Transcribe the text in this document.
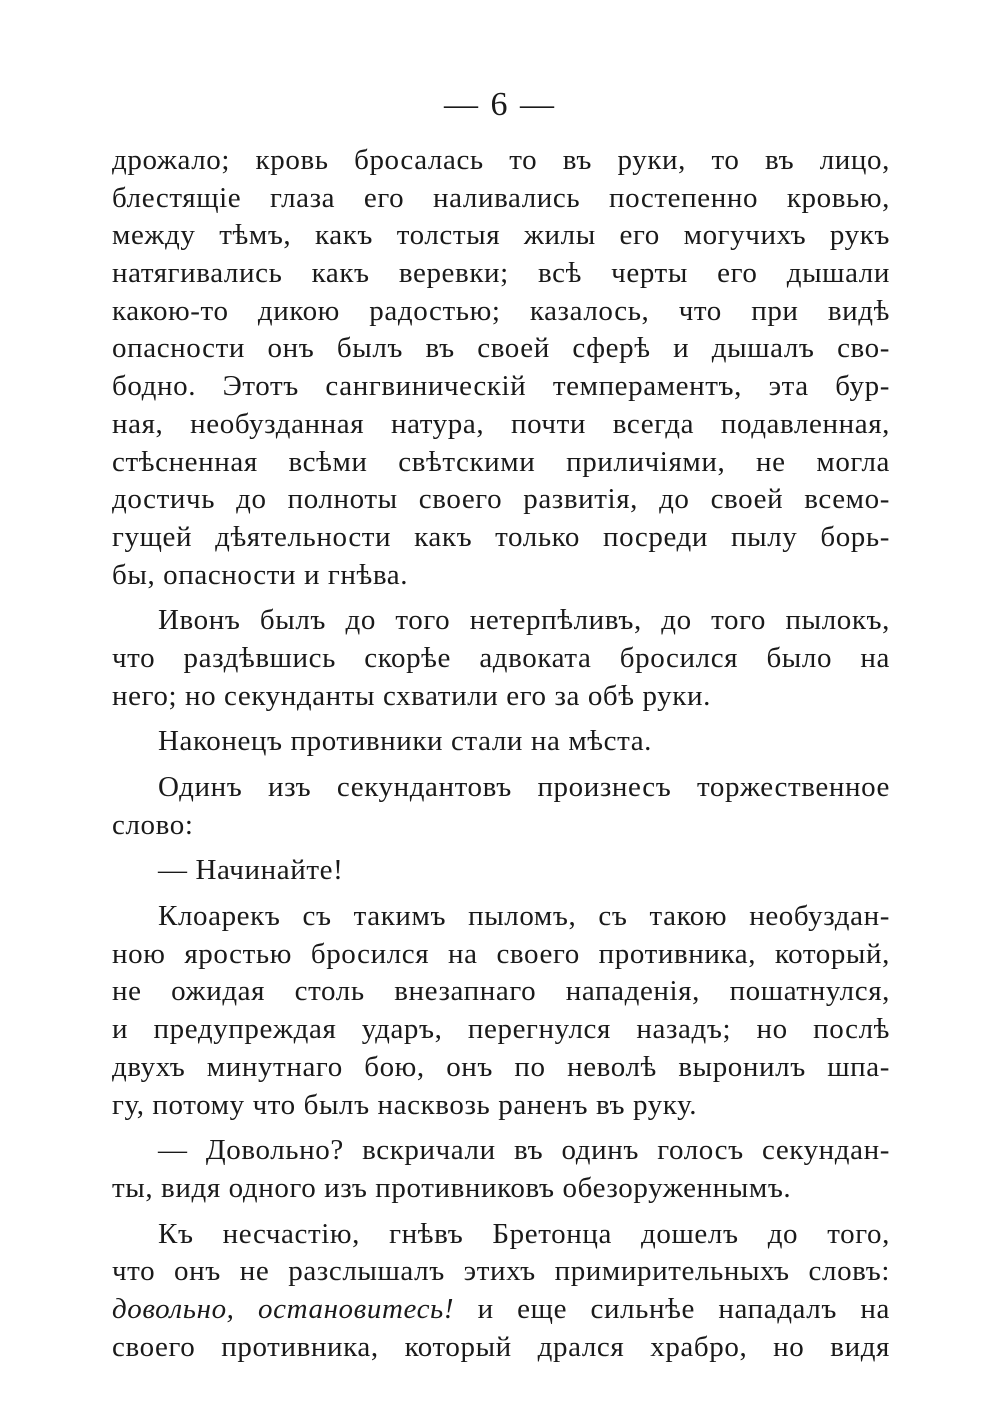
— 6 —
дрожало; кровь бросалась то въ руки, то въ лицо,
блестящіе глаза его наливались постепенно кровью,
между тѣмъ, какъ толстыя жилы его могучихъ рукъ
натягивались какъ веревки; всѣ черты его дышали
какою-то дикою радостью; казалось, что при видѣ
опасности онъ былъ въ своей сферѣ и дышалъ сво-
бодно. Этотъ сангвиническій темпераментъ, эта бур-
ная, необузданная натура, почти всегда подавленная,
стѣсненная всѣми свѣтскими приличіями, не могла
достичь до полноты своего развитія, до своей всемо-
гущей дѣятельности какъ только посреди пылу борь-
бы, опасности и гнѣва.
Ивонъ былъ до того нетерпѣливъ, до того пылокъ,
что раздѣвшись скорѣе адвоката бросился было на
него; но секунданты схватили его за обѣ руки.
Наконецъ противники стали на мѣста.
Одинъ изъ секундантовъ произнесъ торжественное
слово:
— Начинайте!
Клоарекъ съ такимъ пыломъ, съ такою необуздан-
ною яростью бросился на своего противника, который,
не ожидая столь внезапнаго нападенія, пошатнулся,
и предупреждая ударъ, перегнулся назадъ; но послѣ
двухъ минутнаго бою, онъ по неволѣ выронилъ шпа-
гу, потому что былъ насквозь раненъ въ руку.
— Довольно? вскричали въ одинъ голосъ секундан-
ты, видя одного изъ противниковъ обезоруженнымъ.
Къ несчастію, гнѣвъ Бретонца дошелъ до того,
что онъ не разслышалъ этихъ примирительныхъ словъ:
довольно, остановитесь! и еще сильнѣе нападалъ на
своего противника, который дрался храбро, но видя
